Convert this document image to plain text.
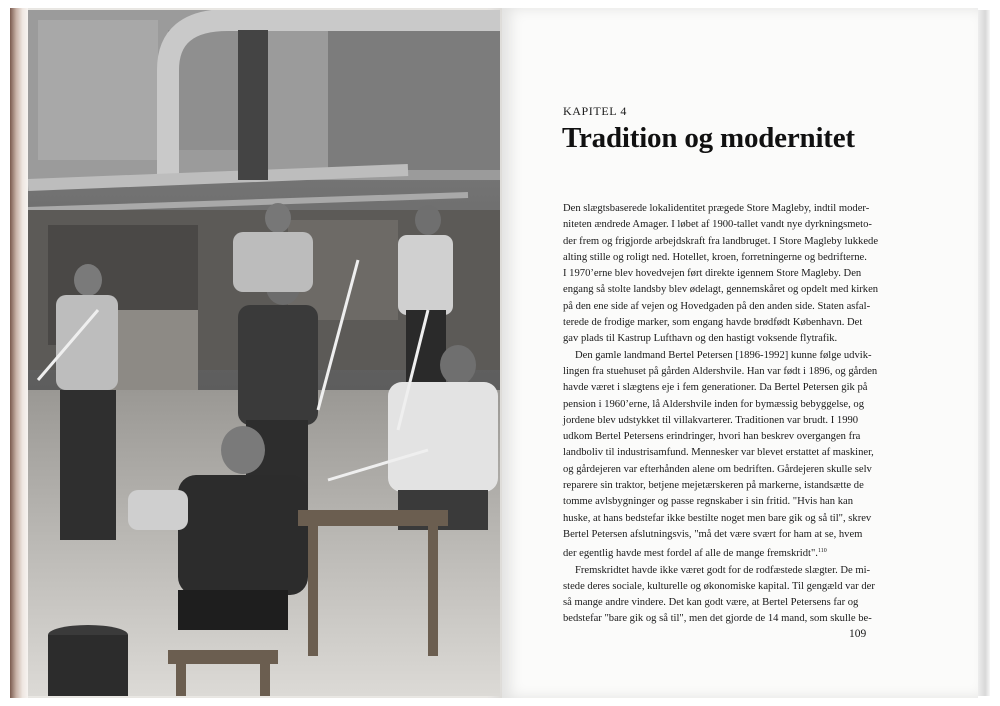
KAPITEL 4
Tradition og modernitet
Den slægtsbaserede lokalidentitet prægede Store Magleby, indtil moder-
niteten ændrede Amager. I løbet af 1900-tallet vandt nye dyrkningsmeto-
der frem og frigjorde arbejdskraft fra landbruget. I Store Magleby lukkede
alting stille og roligt ned. Hotellet, kroen, forretningerne og bedrifterne.
I 1970’erne blev hovedvejen ført direkte igennem Store Magleby. Den
engang så stolte landsby blev ødelagt, gennemskåret og opdelt med kirken
på den ene side af vejen og Hovedgaden på den anden side. Staten asfal-
terede de frodige marker, som engang havde brødfødt København. Det
gav plads til Kastrup Lufthavn og den hastigt voksende flytrafik.
Den gamle landmand Bertel Petersen [1896-1992] kunne følge udvik-
lingen fra stuehuset på gården Aldershvile. Han var født i 1896, og gården
havde været i slægtens eje i fem generationer. Da Bertel Petersen gik på
pension i 1960’erne, lå Aldershvile inden for bymæssig bebyggelse, og
jordene blev udstykket til villakvarterer. Traditionen var brudt. I 1990
udkom Bertel Petersens erindringer, hvori han beskrev overgangen fra
landboliv til industrisamfund. Mennesker var blevet erstattet af maskiner,
og gårdejeren var efterhånden alene om bedriften. Gårdejeren skulle selv
reparere sin traktor, betjene mejetærskeren på markerne, istandsætte de
tomme avlsbygninger og passe regnskaber i sin fritid. "Hvis han kan
huske, at hans bedstefar ikke bestilte noget men bare gik og så til", skrev
Bertel Petersen afslutningsvis, "må det være svært for ham at se, hvem
der egentlig havde mest fordel af alle de mange fremskridt".$^{110}$
Fremskridtet havde ikke været godt for de rodfæstede slægter. De mi-
stede deres sociale, kulturelle og økonomiske kapital. Til gengæld var der
så mange andre vindere. Det kan godt være, at Bertel Petersens far og
bedstefar "bare gik og så til", men det gjorde de 14 mand, som skulle be-
109
